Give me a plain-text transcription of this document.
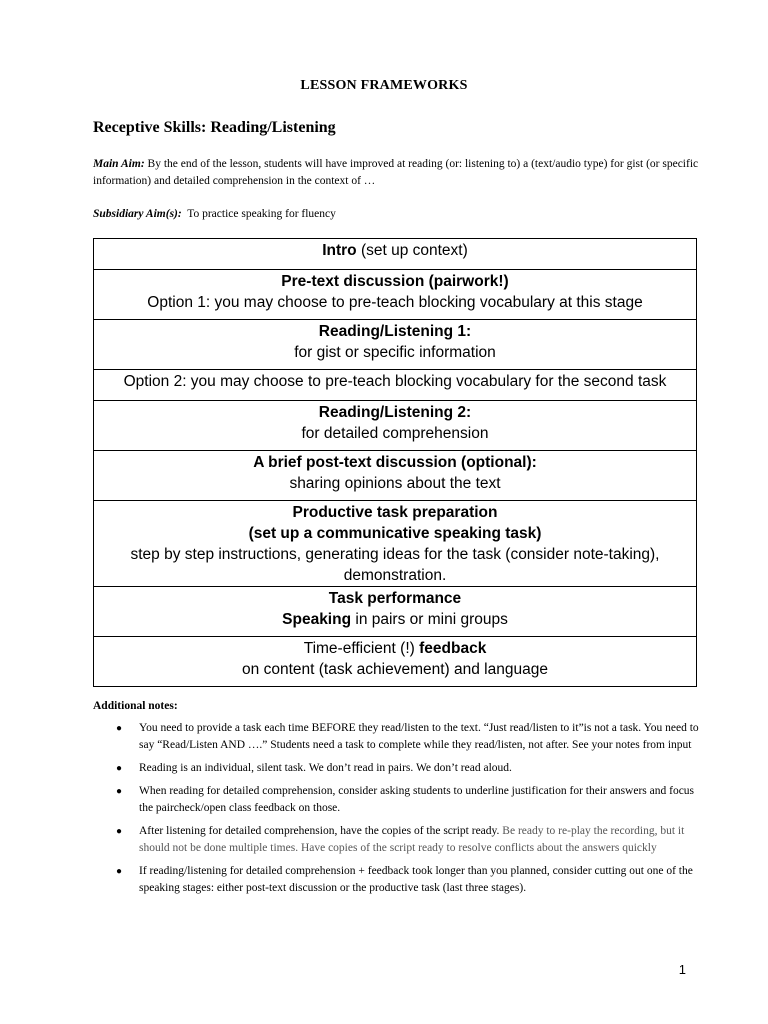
LESSON FRAMEWORKS
Receptive Skills: Reading/Listening
Main Aim: By the end of the lesson, students will have improved at reading (or: listening to) a (text/audio type) for gist (or specific information) and detailed comprehension in the context of …
Subsidiary Aim(s):  To practice speaking for fluency
Intro (set up context)

Pre-text discussion (pairwork!)
Option 1: you may choose to pre-teach blocking vocabulary at this stage

Reading/Listening 1:
for gist or specific information

Option 2: you may choose to pre-teach blocking vocabulary for the second task

Reading/Listening 2:
for detailed comprehension

A brief post-text discussion (optional):
sharing opinions about the text

Productive task preparation
(set up a communicative speaking task)
step by step instructions, generating ideas for the task (consider note-taking), demonstration.

Task performance
Speaking in pairs or mini groups

Time-efficient (!) feedback
on content (task achievement) and language
Additional notes:
● You need to provide a task each time BEFORE they read/listen to the text. “Just read/listen to it”is not a task. You need to say “Read/Listen AND ….” Students need a task to complete while they read/listen, not after. See your notes from input
● Reading is an individual, silent task. We don’t read in pairs. We don’t read aloud.
● When reading for detailed comprehension, consider asking students to underline justification for their answers and focus the paircheck/open class feedback on those.
● After listening for detailed comprehension, have the copies of the script ready. Be ready to re-play the recording, but it should not be done multiple times. Have copies of the script ready to resolve conflicts about the answers quickly
● If reading/listening for detailed comprehension + feedback took longer than you planned, consider cutting out one of the speaking stages: either post-text discussion or the productive task (last three stages).
1
